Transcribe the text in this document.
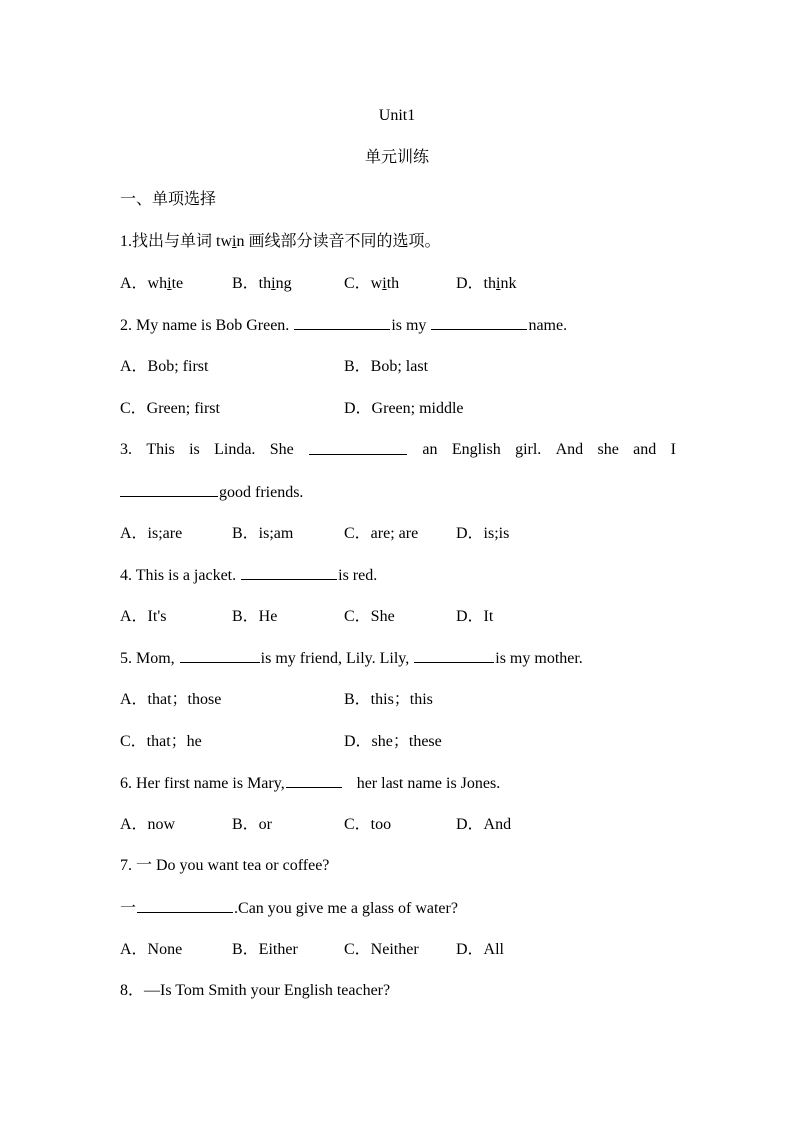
Unit1
单元训练
一、单项选择
1.找出与单词 twin 画线部分读音不同的选项。
A．white	B．thing	C．with	D．think
2. My name is Bob Green.	is my	name.
A．Bob; first	B．Bob; last
C．Green; first	D．Green; middle
3. This is Linda. She	an English girl. And she and I
good friends.
A．is;are	B．is;am	C．are; are D．is;is
4. This is a jacket.	is red.
A．It's	B．He	C．She	D．It
5. Mom,	is my friend, Lily. Lily,	is my mother.
A．that；those	B．this；this
C．that；he	D．she；these
6. Her first name is Mary,	her last name is Jones.
A．now	B．or	C．too	D．And
7. 一 Do you want tea or coffee?
一	.Can you give me a glass of water?
A．None	B．Either	C．Neither D．All
8．—Is Tom Smith your English teacher?
